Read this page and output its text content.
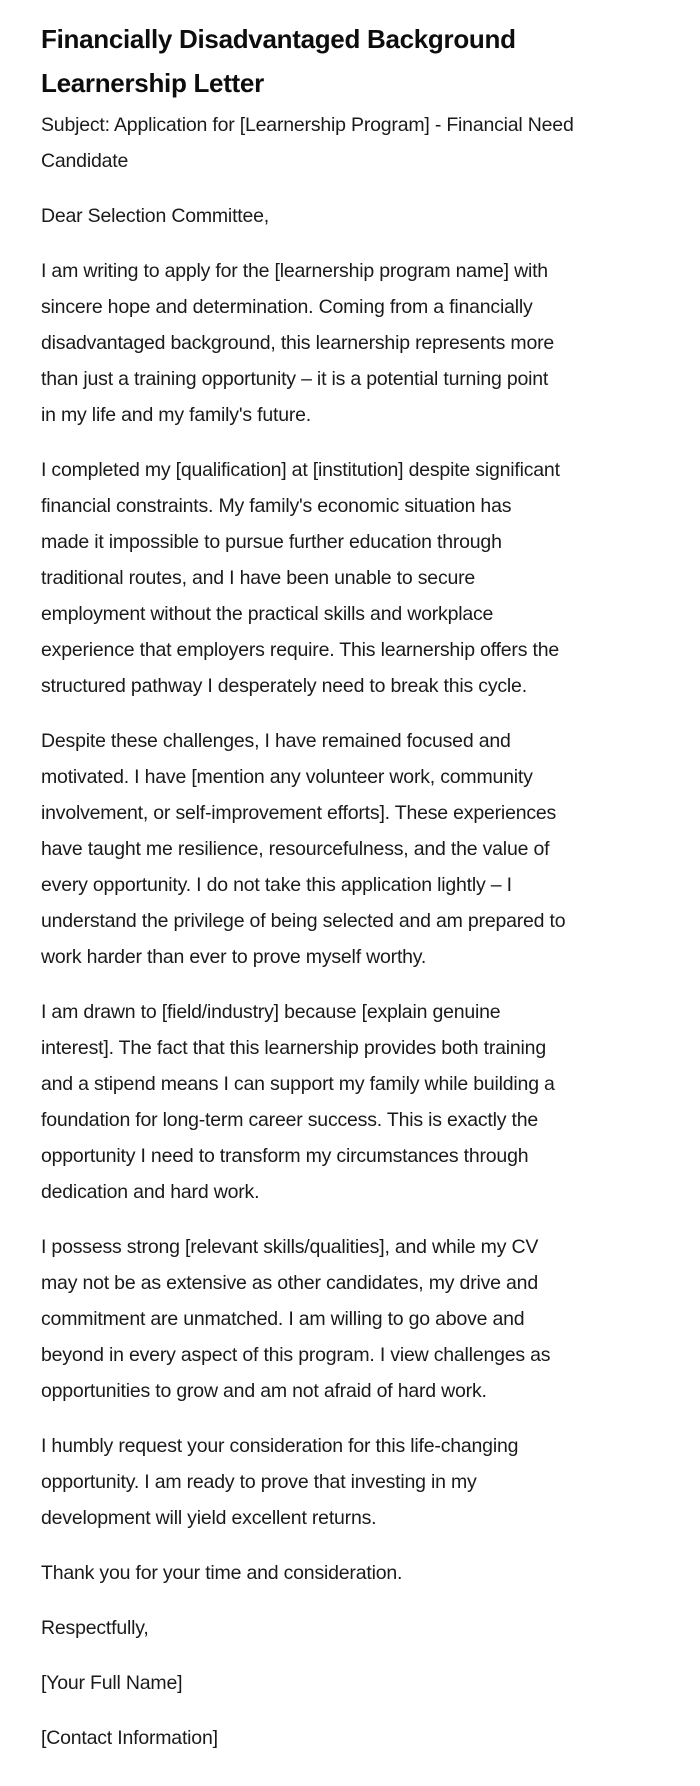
Financially Disadvantaged Background
Learnership Letter

Subject: Application for [Learnership Program] - Financial Need
Candidate

Dear Selection Committee,

I am writing to apply for the [learnership program name] with
sincere hope and determination. Coming from a financially
disadvantaged background, this learnership represents more
than just a training opportunity – it is a potential turning point
in my life and my family's future.

I completed my [qualification] at [institution] despite significant
financial constraints. My family's economic situation has
made it impossible to pursue further education through
traditional routes, and I have been unable to secure
employment without the practical skills and workplace
experience that employers require. This learnership offers the
structured pathway I desperately need to break this cycle.

Despite these challenges, I have remained focused and
motivated. I have [mention any volunteer work, community
involvement, or self-improvement efforts]. These experiences
have taught me resilience, resourcefulness, and the value of
every opportunity. I do not take this application lightly – I
understand the privilege of being selected and am prepared to
work harder than ever to prove myself worthy.

I am drawn to [field/industry] because [explain genuine
interest]. The fact that this learnership provides both training
and a stipend means I can support my family while building a
foundation for long-term career success. This is exactly the
opportunity I need to transform my circumstances through
dedication and hard work.

I possess strong [relevant skills/qualities], and while my CV
may not be as extensive as other candidates, my drive and
commitment are unmatched. I am willing to go above and
beyond in every aspect of this program. I view challenges as
opportunities to grow and am not afraid of hard work.

I humbly request your consideration for this life-changing
opportunity. I am ready to prove that investing in my
development will yield excellent returns.

Thank you for your time and consideration.

Respectfully,

[Your Full Name]

[Contact Information]
